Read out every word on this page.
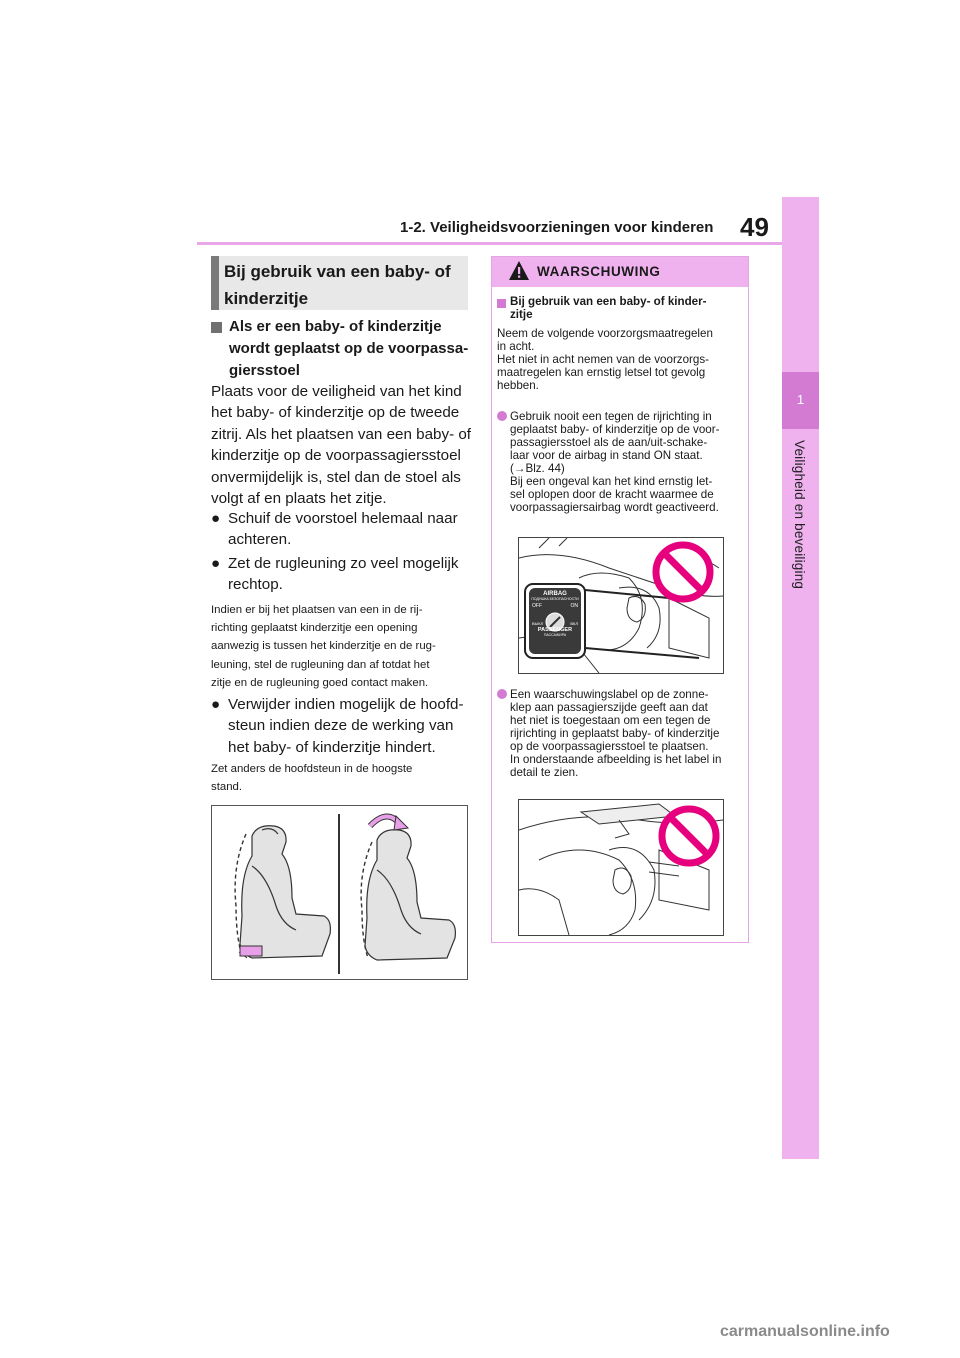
1-2. Veiligheidsvoorzieningen voor kinderen 49
1
Veiligheid en beveiliging
Bij gebruik van een baby- of
kinderzitje
Als er een baby- of kinderzitje
wordt geplaatst op de voorpassa-
giersstoel
Plaats voor de veiligheid van het kind
het baby- of kinderzitje op de tweede
zitrij. Als het plaatsen van een baby- of
kinderzitje op de voorpassagiersstoel
onvermijdelijk is, stel dan de stoel als
volgt af en plaats het zitje.
● Schuif de voorstoel helemaal naar
achteren.
● Zet de rugleuning zo veel mogelijk
rechtop.
Indien er bij het plaatsen van een in de rij-
richting geplaatst kinderzitje een opening
aanwezig is tussen het kinderzitje en de rug-
leuning, stel de rugleuning dan af totdat het
zitje en de rugleuning goed contact maken.
● Verwijder indien mogelijk de hoofd-
steun indien deze de werking van
het baby- of kinderzitje hindert.
Zet anders de hoofdsteun in de hoogste
stand.
WAARSCHUWING
Bij gebruik van een baby- of kinder-
zitje
Neem de volgende voorzorgsmaatregelen
in acht.
Het niet in acht nemen van de voorzorgs-
maatregelen kan ernstig letsel tot gevolg
hebben.
Gebruik nooit een tegen de rijrichting in
geplaatst baby- of kinderzitje op de voor-
passagiersstoel als de aan/uit-schake-
laar voor de airbag in stand ON staat.
(→Blz. 44)
Bij een ongeval kan het kind ernstig let-
sel oplopen door de kracht waarmee de
voorpassagiersairbag wordt geactiveerd.
AIRBAG
ПОДУШКА БЕЗОПАСНОСТИ
OFF	ON
ВЫКЛ	ВКЛ
PASSENGER
ПАССАЖИРА
Een waarschuwingslabel op de zonne-
klep aan passagierszijde geeft aan dat
het niet is toegestaan om een tegen de
rijrichting in geplaatst baby- of kinderzitje
op de voorpassagiersstoel te plaatsen.
In onderstaande afbeelding is het label in
detail te zien.
carmanualsonline.info
